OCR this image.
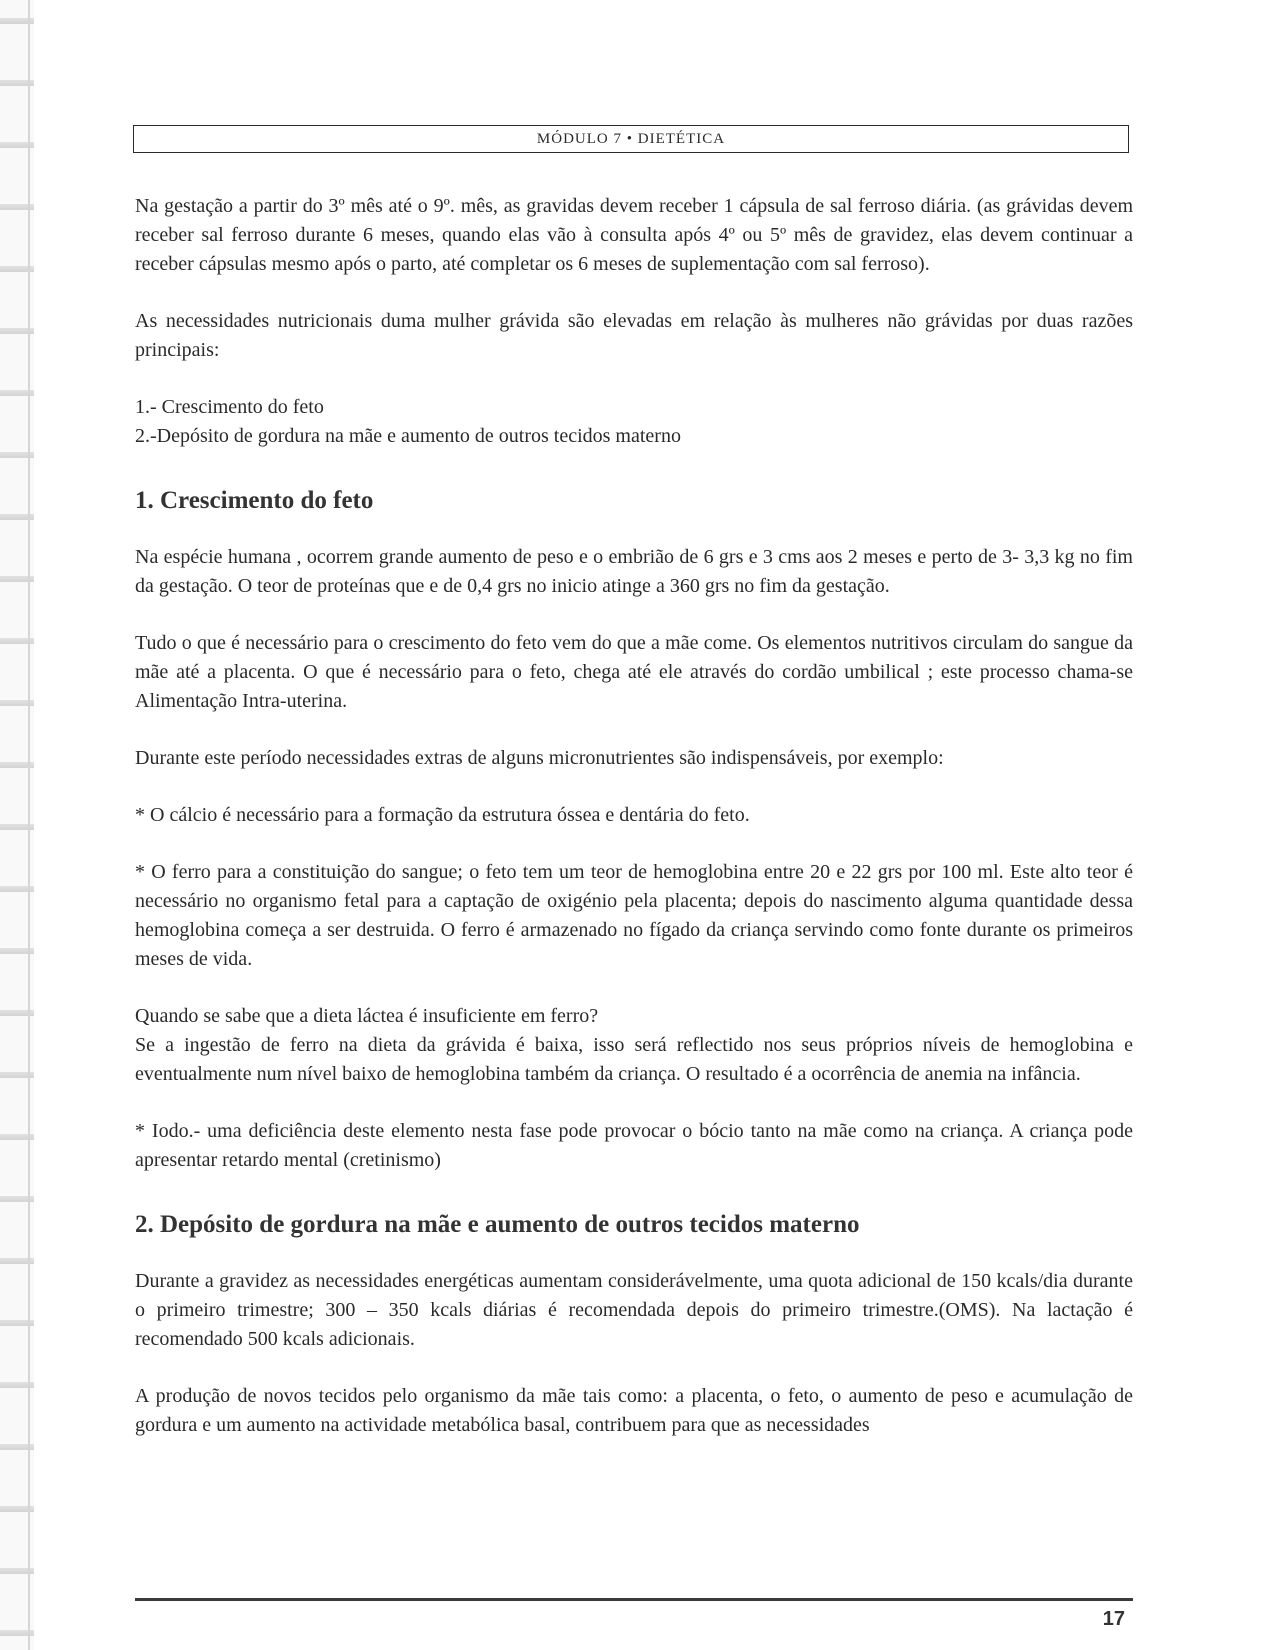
MÓDULO 7 • DIETÉTICA

Na gestação a partir do 3º mês até o 9º. mês, as gravidas devem receber 1 cápsula de sal ferroso diária. (as grávidas devem receber sal ferroso durante 6 meses, quando elas vão à consulta após 4º ou 5º mês de gravidez, elas devem continuar a receber cápsulas mesmo após o parto, até completar os 6 meses de suplementação com sal ferroso).

As necessidades nutricionais duma mulher grávida são elevadas em relação às mulheres não grávidas por duas razões principais:

1.- Crescimento do feto
2.-Depósito de gordura na mãe e aumento de outros tecidos materno
1. Crescimento do feto

Na espécie humana , ocorrem grande aumento de peso e o embrião de 6 grs e 3 cms aos 2 meses e perto de 3- 3,3 kg no fim da gestação. O teor de proteínas que e de 0,4 grs no inicio atinge a 360 grs no fim da gestação.

Tudo o que é necessário para o crescimento do feto vem do que a mãe come. Os elementos nutritivos circulam do sangue da mãe até a placenta. O que é necessário para o feto, chega até ele através do cordão umbilical ; este processo chama-se Alimentação Intra-uterina.

Durante este período necessidades extras de alguns micronutrientes são indispensáveis, por exemplo:

* O cálcio é necessário para a formação da estrutura óssea e dentária do feto.

* O ferro para a constituição do sangue; o feto tem um teor de hemoglobina entre 20 e 22 grs por 100 ml. Este alto teor é necessário no organismo fetal para a captação de oxigénio pela placenta; depois do nascimento alguma quantidade dessa hemoglobina começa a ser destruida. O ferro é armazenado no fígado da criança servindo como fonte durante os primeiros meses de vida.

Quando se sabe que a dieta láctea é insuficiente em ferro?

Se a ingestão de ferro na dieta da grávida é baixa, isso será reflectido nos seus próprios níveis de hemoglobina e eventualmente num nível baixo de hemoglobina também da criança. O resultado é a ocorrência de anemia na infância.

* Iodo.- uma deficiência deste elemento nesta fase pode provocar o bócio tanto na mãe como na criança. A criança pode apresentar retardo mental (cretinismo)

2. Depósito de gordura na mãe e aumento de outros tecidos materno

Durante a gravidez as necessidades energéticas aumentam considerávelmente, uma quota adicional de 150 kcals/dia durante o primeiro trimestre; 300 – 350 kcals diárias é recomendada depois do primeiro trimestre.(OMS). Na lactação é recomendado 500 kcals adicionais.

A produção de novos tecidos pelo organismo da mãe tais como: a placenta, o feto, o aumento de peso e acumulação de gordura e um aumento na actividade metabólica basal, contribuem para que as necessidades

17
